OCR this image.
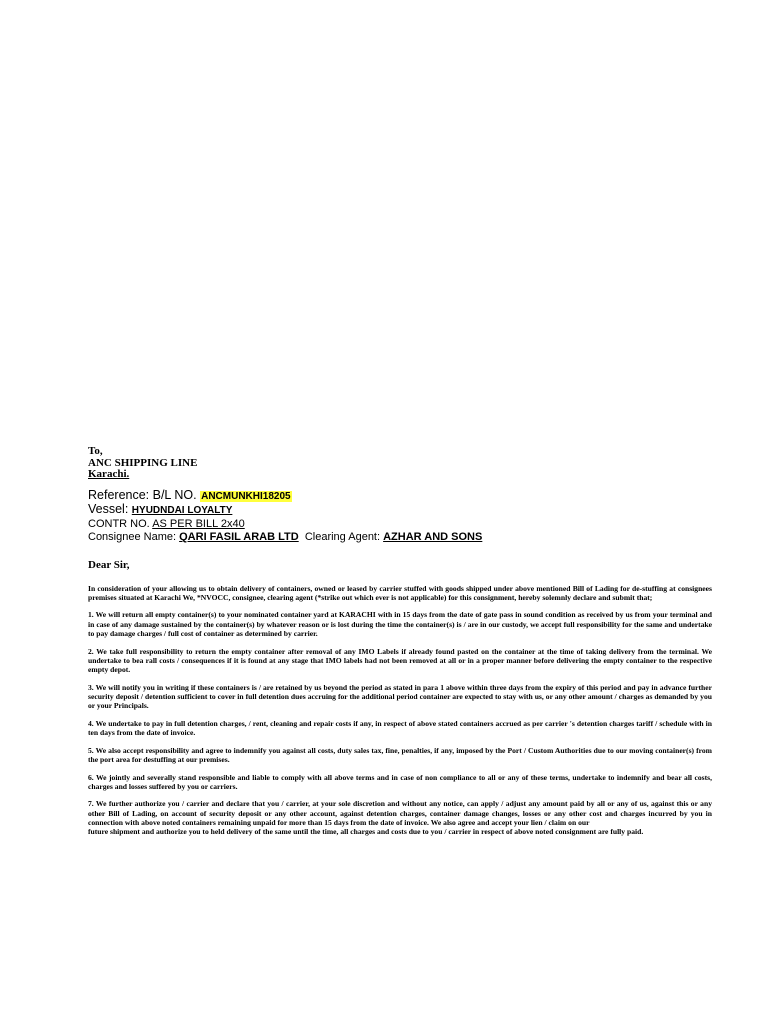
To,
ANC SHIPPING LINE
Karachi.
Reference: B/L NO. ANCMUNKHI18205
Vessel: HYUDNDAI LOYALTY
CONTR NO. AS PER BILL 2x40
Consignee Name: QARI FASIL ARAB LTD Clearing Agent: AZHAR AND SONS
Dear Sir,

In consideration of your allowing us to obtain delivery of containers, owned or leased by carrier stuffed with goods shipped under above mentioned Bill of Lading for de-stuffing at consignees premises situated at Karachi We, *NVOCC, consignee, clearing agent (*strike out which ever is not applicable) for this consignment, hereby solemnly declare and submit that;

1. We will return all empty container(s) to your nominated container yard at KARACHI with in 15 days from the date of gate pass in sound condition as received by us from your terminal and in case of any damage sustained by the container(s) by whatever reason or is lost during the time the container(s) is / are in our custody, we accept full responsibility for the same and undertake to pay damage charges / full cost of container as determined by carrier.

2. We take full responsibility to return the empty container after removal of any IMO Labels if already found pasted on the container at the time of taking delivery from the terminal. We undertake to bea rall costs / consequences if it is found at any stage that IMO labels had not been removed at all or in a proper manner before delivering the empty container to the respective empty depot.

3. We will notify you in writing if these containers is / are retained by us beyond the period as stated in para 1 above within three days from the expiry of this period and pay in advance further security deposit / detention sufficient to cover in full detention dues accruing for the additional period container are expected to stay with us, or any other amount / charges as demanded by you or your Principals.

4. We undertake to pay in full detention charges, / rent, cleaning and repair costs if any, in respect of above stated containers accrued as per carrier 's detention charges tariff / schedule with in ten days from the date of invoice.

5. We also accept responsibility and agree to indemnify you against all costs, duty sales tax, fine, penalties, if any, imposed by the Port / Custom Authorities due to our moving container(s) from the port area for destuffing at our premises.

6. We jointly and severally stand responsible and liable to comply with all above terms and in case of non compliance to all or any of these terms, undertake to indemnify and bear all costs, charges and losses suffered by you or carriers.

7. We further authorize you / carrier and declare that you / carrier, at your sole discretion and without any notice, can apply / adjust any amount paid by all or any of us, against this or any other Bill of Lading, on account of security deposit or any other account, against detention charges, container damage changes, losses or any other cost and charges incurred by you in connection with above noted containers remaining unpaid for more than 15 days from the date of invoice. We also agree and accept your lien / claim on our

future shipment and authorize you to held delivery of the same until the time, all charges and costs due to you / carrier in respect of above noted consignment are fully paid.
